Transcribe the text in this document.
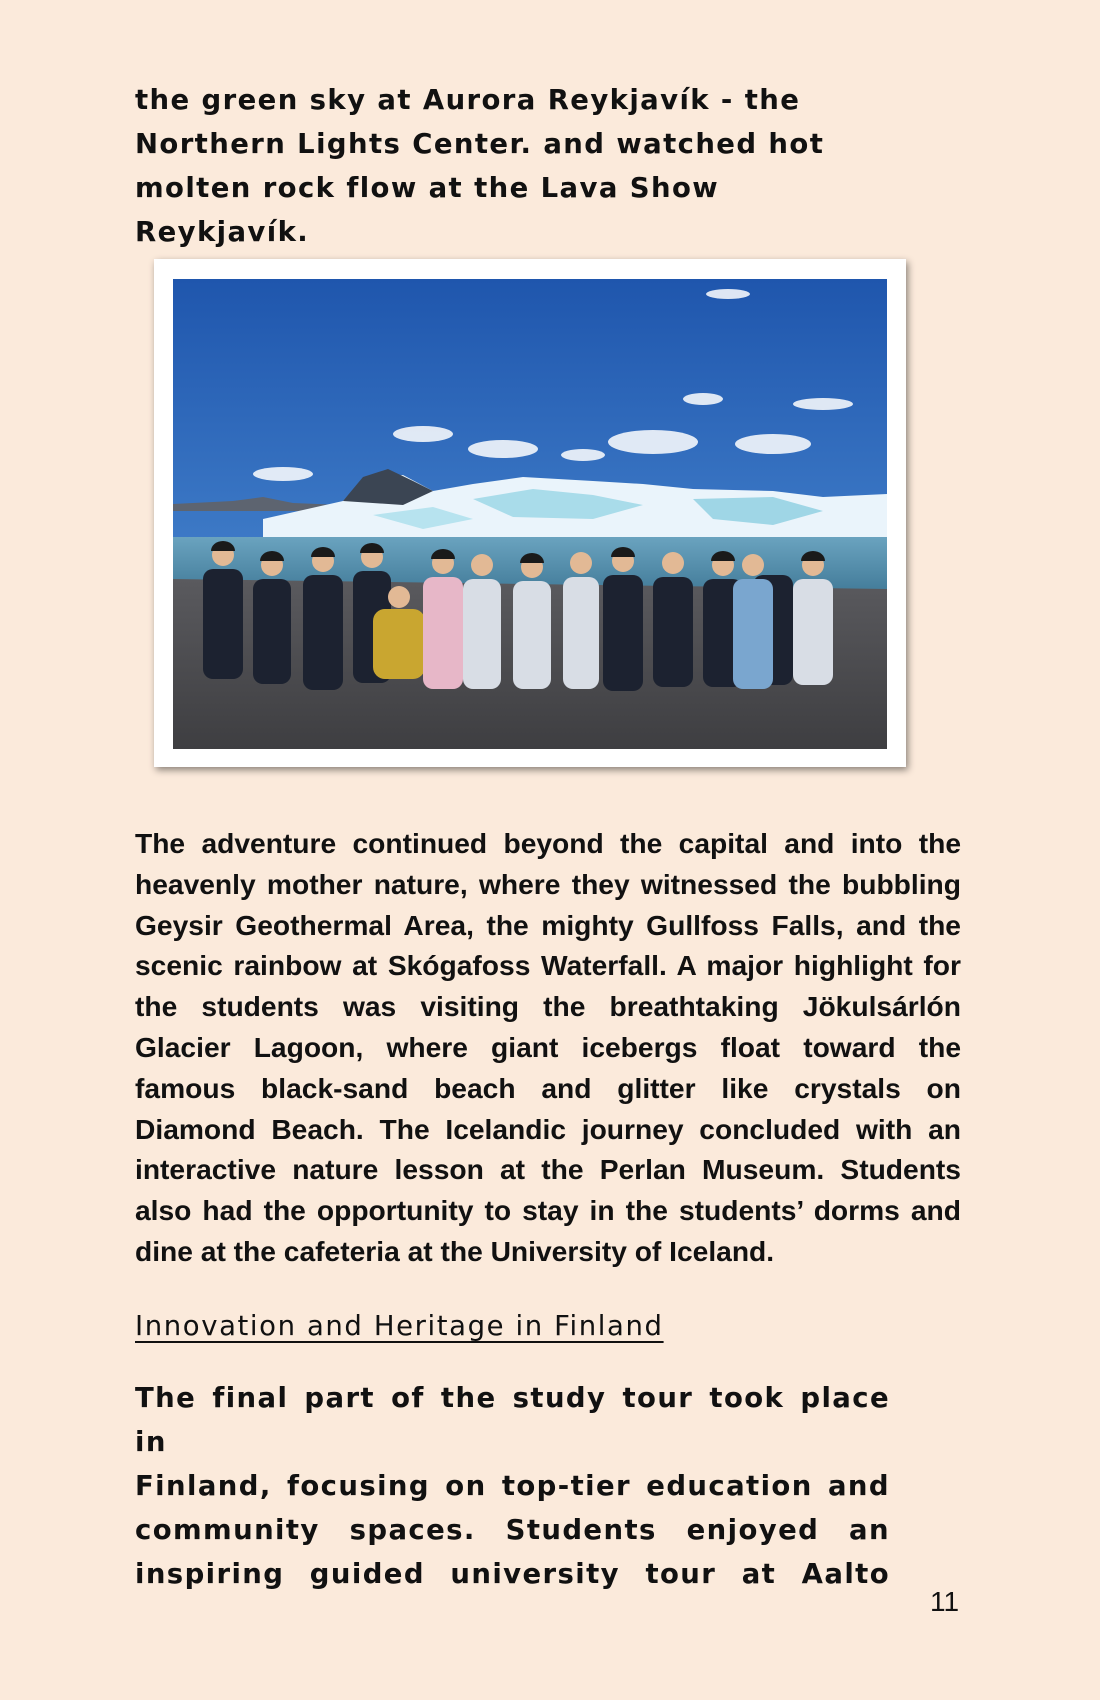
the green sky at Aurora Reykjavík - the Northern Lights Center. and watched hot molten rock flow at the Lava Show Reykjavík.

The adventure continued beyond the capital and into the heavenly mother nature, where they witnessed the bubbling Geysir Geothermal Area, the mighty Gullfoss Falls, and the scenic rainbow at Skógafoss Waterfall. A major highlight for the students was visiting the breathtaking Jökulsárlón Glacier Lagoon, where giant icebergs float toward the famous black-sand beach and glitter like crystals on Diamond Beach. The Icelandic journey concluded with an interactive nature lesson at the Perlan Museum. Students also had the opportunity to stay in the students’ dorms and dine at the cafeteria at the University of Iceland.

Innovation and Heritage in Finland

The final part of the study tour took place in
Finland, focusing on top-tier education and
community spaces. Students enjoyed an
inspiring guided university tour at Aalto

11
